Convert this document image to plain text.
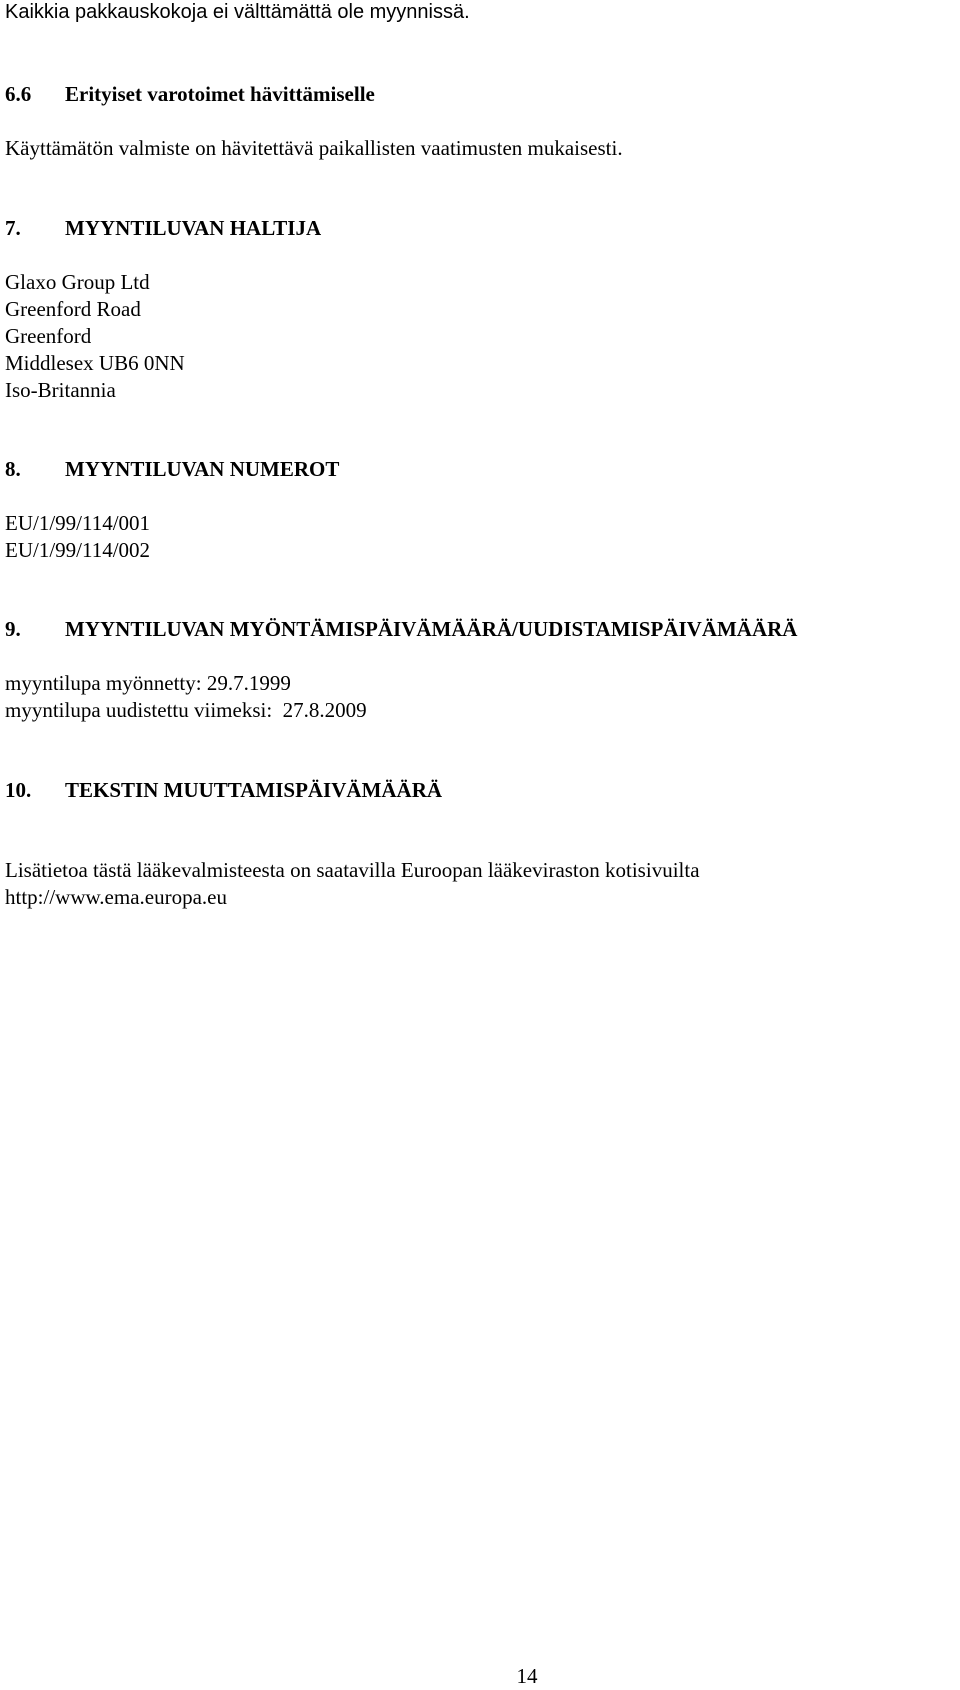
Kaikkia pakkauskokoja ei välttämättä ole myynnissä.
6.6 Erityiset varotoimet hävittämiselle
Käyttämätön valmiste on hävitettävä paikallisten vaatimusten mukaisesti.
7. MYYNTILUVAN HALTIJA
Glaxo Group Ltd
Greenford Road
Greenford
Middlesex UB6 0NN
Iso-Britannia
8. MYYNTILUVAN NUMEROT
EU/1/99/114/001
EU/1/99/114/002
9. MYYNTILUVAN MYÖNTÄMISPÄIVÄMÄÄRÄ/UUDISTAMISPÄIVÄMÄÄRÄ
myyntilupa myönnetty: 29.7.1999
myyntilupa uudistettu viimeksi:  27.8.2009
10. TEKSTIN MUUTTAMISPÄIVÄMÄÄRÄ
Lisätietoa tästä lääkevalmisteesta on saatavilla Euroopan lääkeviraston kotisivuilta
http://www.ema.europa.eu
14
